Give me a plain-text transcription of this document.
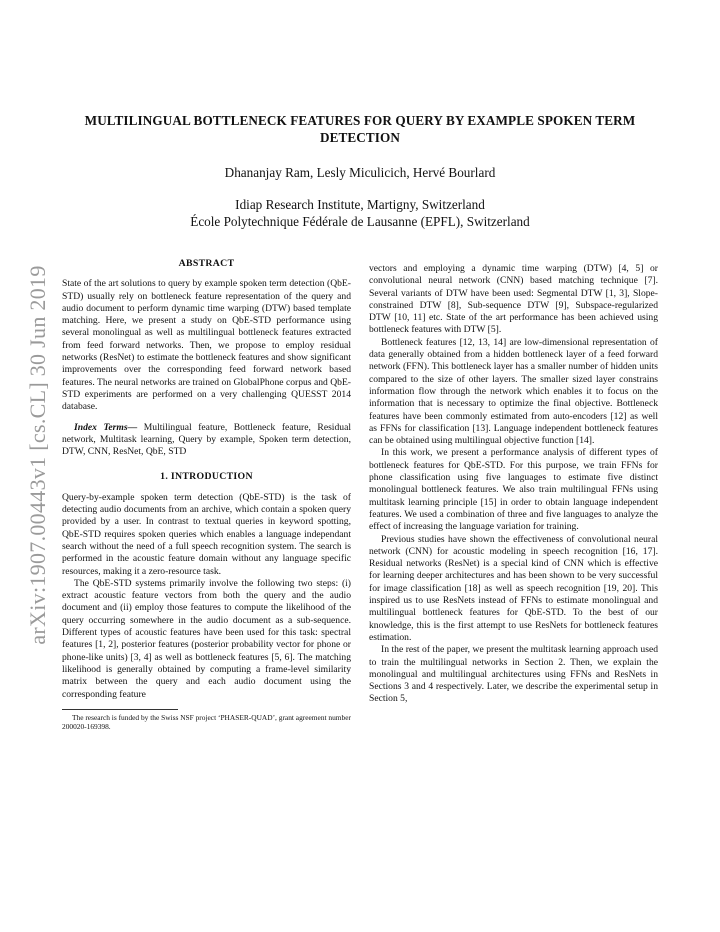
MULTILINGUAL BOTTLENECK FEATURES FOR QUERY BY EXAMPLE SPOKEN TERM DETECTION
Dhananjay Ram, Lesly Miculicich, Hervé Bourlard
Idiap Research Institute, Martigny, Switzerland
École Polytechnique Fédérale de Lausanne (EPFL), Switzerland
arXiv:1907.00443v1 [cs.CL] 30 Jun 2019
ABSTRACT

State of the art solutions to query by example spoken term detection (QbE-STD) usually rely on bottleneck feature representation of the query and audio document to perform dynamic time warping (DTW) based template matching. Here, we present a study on QbE-STD performance using several monolingual as well as multilingual bottleneck features extracted from feed forward networks. Then, we propose to employ residual networks (ResNet) to estimate the bottleneck features and show significant improvements over the corresponding feed forward network based features. The neural networks are trained on GlobalPhone corpus and QbE-STD experiments are performed on a very challenging QUESST 2014 database.

Index Terms— Multilingual feature, Bottleneck feature, Residual network, Multitask learning, Query by example, Spoken term detection, DTW, CNN, ResNet, QbE, STD

1. INTRODUCTION

Query-by-example spoken term detection (QbE-STD) is the task of detecting audio documents from an archive, which contain a spoken query provided by a user. In contrast to textual queries in keyword spotting, QbE-STD requires spoken queries which enables a language independant search without the need of a full speech recognition system. The search is performed in the acoustic feature domain without any language specific resources, making it a zero-resource task.

The QbE-STD systems primarily involve the following two steps: (i) extract acoustic feature vectors from both the query and the audio document and (ii) employ those features to compute the likelihood of the query occurring somewhere in the audio document as a sub-sequence. Different types of acoustic features have been used for this task: spectral features [1, 2], posterior features (posterior probability vector for phone or phone-like units) [3, 4] as well as bottleneck features [5, 6]. The matching likelihood is generally obtained by computing a frame-level similarity matrix between the query and each audio document using the corresponding feature

The research is funded by the Swiss NSF project ‘PHASER-QUAD’, grant agreement number 200020-169398.

vectors and employing a dynamic time warping (DTW) [4, 5] or convolutional neural network (CNN) based matching technique [7]. Several variants of DTW have been used: Segmental DTW [1, 3], Slope-constrained DTW [8], Sub-sequence DTW [9], Subspace-regularized DTW [10, 11] etc. State of the art performance has been achieved using bottleneck features with DTW [5].

Bottleneck features [12, 13, 14] are low-dimensional representation of data generally obtained from a hidden bottleneck layer of a feed forward network (FFN). This bottleneck layer has a smaller number of hidden units compared to the size of other layers. The smaller sized layer constrains information flow through the network which enables it to focus on the information that is necessary to optimize the final objective. Bottleneck features have been commonly estimated from auto-encoders [12] as well as FFNs for classification [13]. Language independent bottleneck features can be obtained using multilingual objective function [14].

In this work, we present a performance analysis of different types of bottleneck features for QbE-STD. For this purpose, we train FFNs for phone classification using five languages to estimate five distinct monolingual bottleneck features. We also train multilingual FFNs using multitask learning principle [15] in order to obtain language independent features. We used a combination of three and five languages to analyze the effect of increasing the language variation for training.

Previous studies have shown the effectiveness of convolutional neural network (CNN) for acoustic modeling in speech recognition [16, 17]. Residual networks (ResNet) is a special kind of CNN which is effective for learning deeper architectures and has been shown to be very successful for image classification [18] as well as speech recognition [19, 20]. This inspired us to use ResNets instead of FFNs to estimate monolingual and multilingual bottleneck features for QbE-STD. To the best of our knowledge, this is the first attempt to use ResNets for bottleneck features estimation.

In the rest of the paper, we present the multitask learning approach used to train the multilingual networks in Section 2. Then, we explain the monolingual and multilingual architectures using FFNs and ResNets in Sections 3 and 4 respectively. Later, we describe the experimental setup in Section 5,
